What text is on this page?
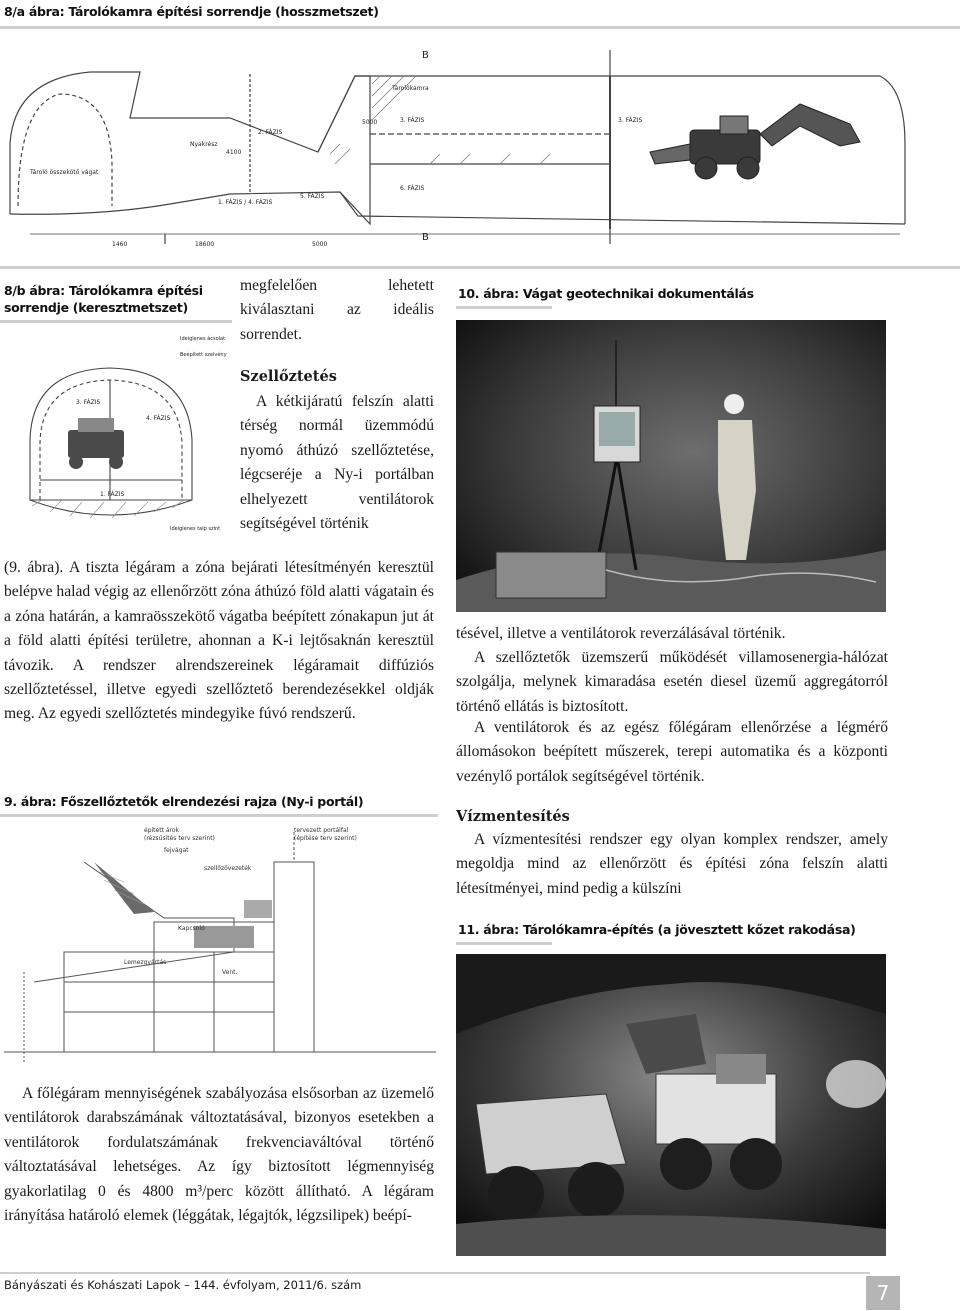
8/a ábra: Tárolókamra építési sorrendje (hosszmetszet)
B
B
Tárolókamra
3. FÁZIS	3. FÁZIS
2. FÁZIS
5. FÁZIS
6. FÁZIS
1. FÁZIS / 4. FÁZIS
Nyakrész
Tároló összekötő vágat
1460	18600	5000
4100
5000
8/b ábra: Tárolókamra építési sorrendje (keresztmetszet)
3. FÁZIS
4. FÁZIS
1. FÁZIS
Ideiglenes ácsolat
Beépített szelvény
Ideiglenes talp szint
megfelelően lehetett kiválasztani az ideális sorrendet.
Szellőztetés
A kétkijáratú felszín alatti térség normál üzemmódú nyomó áthúzó szellőztetése, légcseréje a Ny-i portálban elhelyezett ventilátorok segítségével történik
(9. ábra). A tiszta légáram a zóna bejárati létesítményén keresztül belépve halad végig az ellenőrzött zóna áthúzó föld alatti vágatain és a zóna határán, a kamraösszekötő vágatba beépített zónakapun jut át a föld alatti építési területre, ahonnan a K-i lejtősaknán keresztül távozik. A rendszer alrendszereinek légáramait diffúziós szellőztetéssel, illetve egyedi szellőztető berendezésekkel oldják meg. Az egyedi szellőztetés mindegyike fúvó rendszerű.
9. ábra: Főszellőztetők elrendezési rajza (Ny-i portál)
épített árok
(rézsűsítés terv szerint)
tervezett portálfal
(építése terv szerint)
fejvágat
szellőzővezeték
Lemezgyártás
Kapcsoló
Vent.
A főlégáram mennyiségének szabályozása elsősorban az üzemelő ventilátorok darabszámának változtatásával, bizonyos esetekben a ventilátorok fordulatszámának frekvenciaváltóval történő változtatásával lehetséges. Az így biztosított légmennyiség gyakorlatilag 0 és 4800 m³/perc között állítható. A légáram irányítása határoló elemek (léggátak, légajtók, légzsilipek) beépí-
10. ábra: Vágat geotechnikai dokumentálás
tésével, illetve a ventilátorok reverzálásával történik.
A szellőztetők üzemszerű működését villamosenergia-hálózat szolgálja, melynek kimaradása esetén diesel üzemű aggregátorról történő ellátás is biztosított.
A ventilátorok és az egész főlégáram ellenőrzése a légmérő állomásokon beépített műszerek, terepi automatika és a központi vezénylő portálok segítségével történik.
Vízmentesítés
A vízmentesítési rendszer egy olyan komplex rendszer, amely megoldja mind az ellenőrzött és építési zóna felszín alatti létesítményei, mind pedig a külszíni
11. ábra: Tárolókamra-építés (a jövesztett kőzet rakodása)
Bányászati és Kohászati Lapok – 144. évfolyam, 2011/6. szám	7
